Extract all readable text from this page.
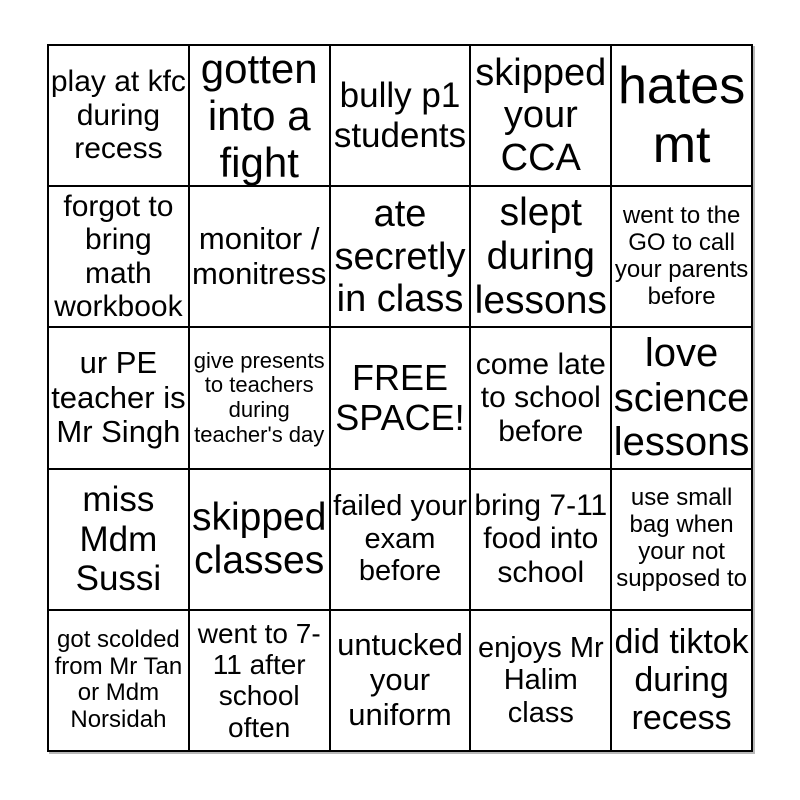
play at kfc during recess
gotten into a fight
bully p1 students
skipped your CCA
hates mt
forgot to bring math workbook
monitor / monitress
ate secretly in class
slept during lessons
went to the GO to call your parents before
ur PE teacher is Mr Singh
give presents to teachers during teacher's day
FREE SPACE!
come late to school before
love science lessons
miss Mdm Sussi
skipped classes
failed your exam before
bring 7-11 food into school
use small bag when your not supposed to
got scolded from Mr Tan or Mdm Norsidah
went to 7-11 after school often
untucked your uniform
enjoys Mr Halim class
did tiktok during recess
